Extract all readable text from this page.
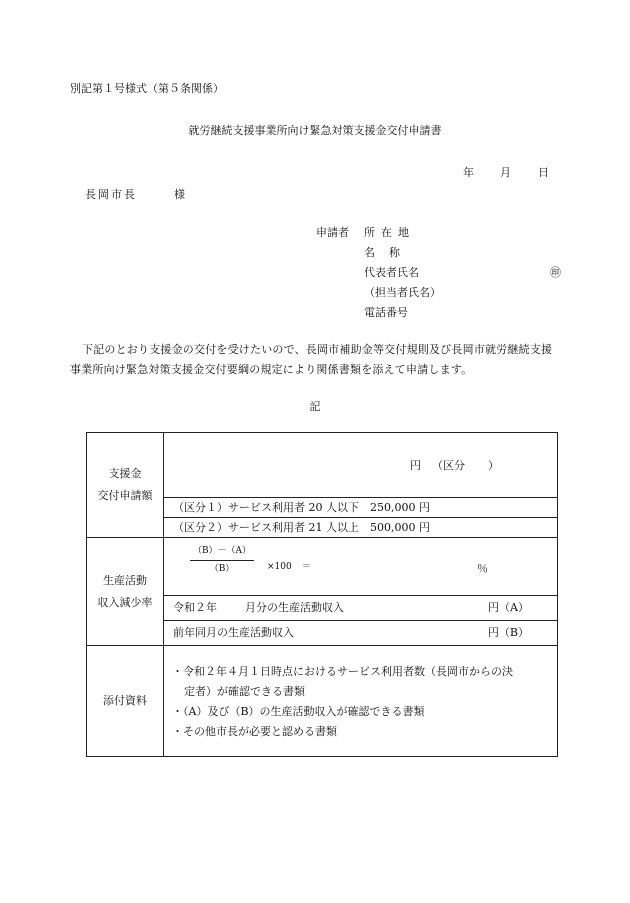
別記第１号様式（第５条関係）
就労継続支援事業所向け緊急対策支援金交付申請書
年 月 日
長岡市長	様
申請者 所在地
名称
代表者氏名	㊞
（担当者氏名）
電話番号
下記のとおり支援金の交付を受けたいので、長岡市補助金等交付規則及び長岡市就労継続支援事業所向け緊急対策支援金交付要綱の規定により関係書類を添えて申請します。
記
支援金
交付申請額	円 （区分 ）

	（区分１）サービス利用者 20 人以下　250,000 円
	（区分２）サービス利用者 21 人以上　500,000 円
生産活動
収入減少率	（B）－（A）
（B） ×100 ＝ ％

	令和２年 月分の生産活動収入 円（A）

	前年同月の生産活動収入 円（B）

添付資料	・令和２年４月１日時点におけるサービス利用者数（長岡市からの決
定者）が確認できる書類
・（A）及び（B）の生産活動収入が確認できる書類
・その他市長が必要と認める書類
